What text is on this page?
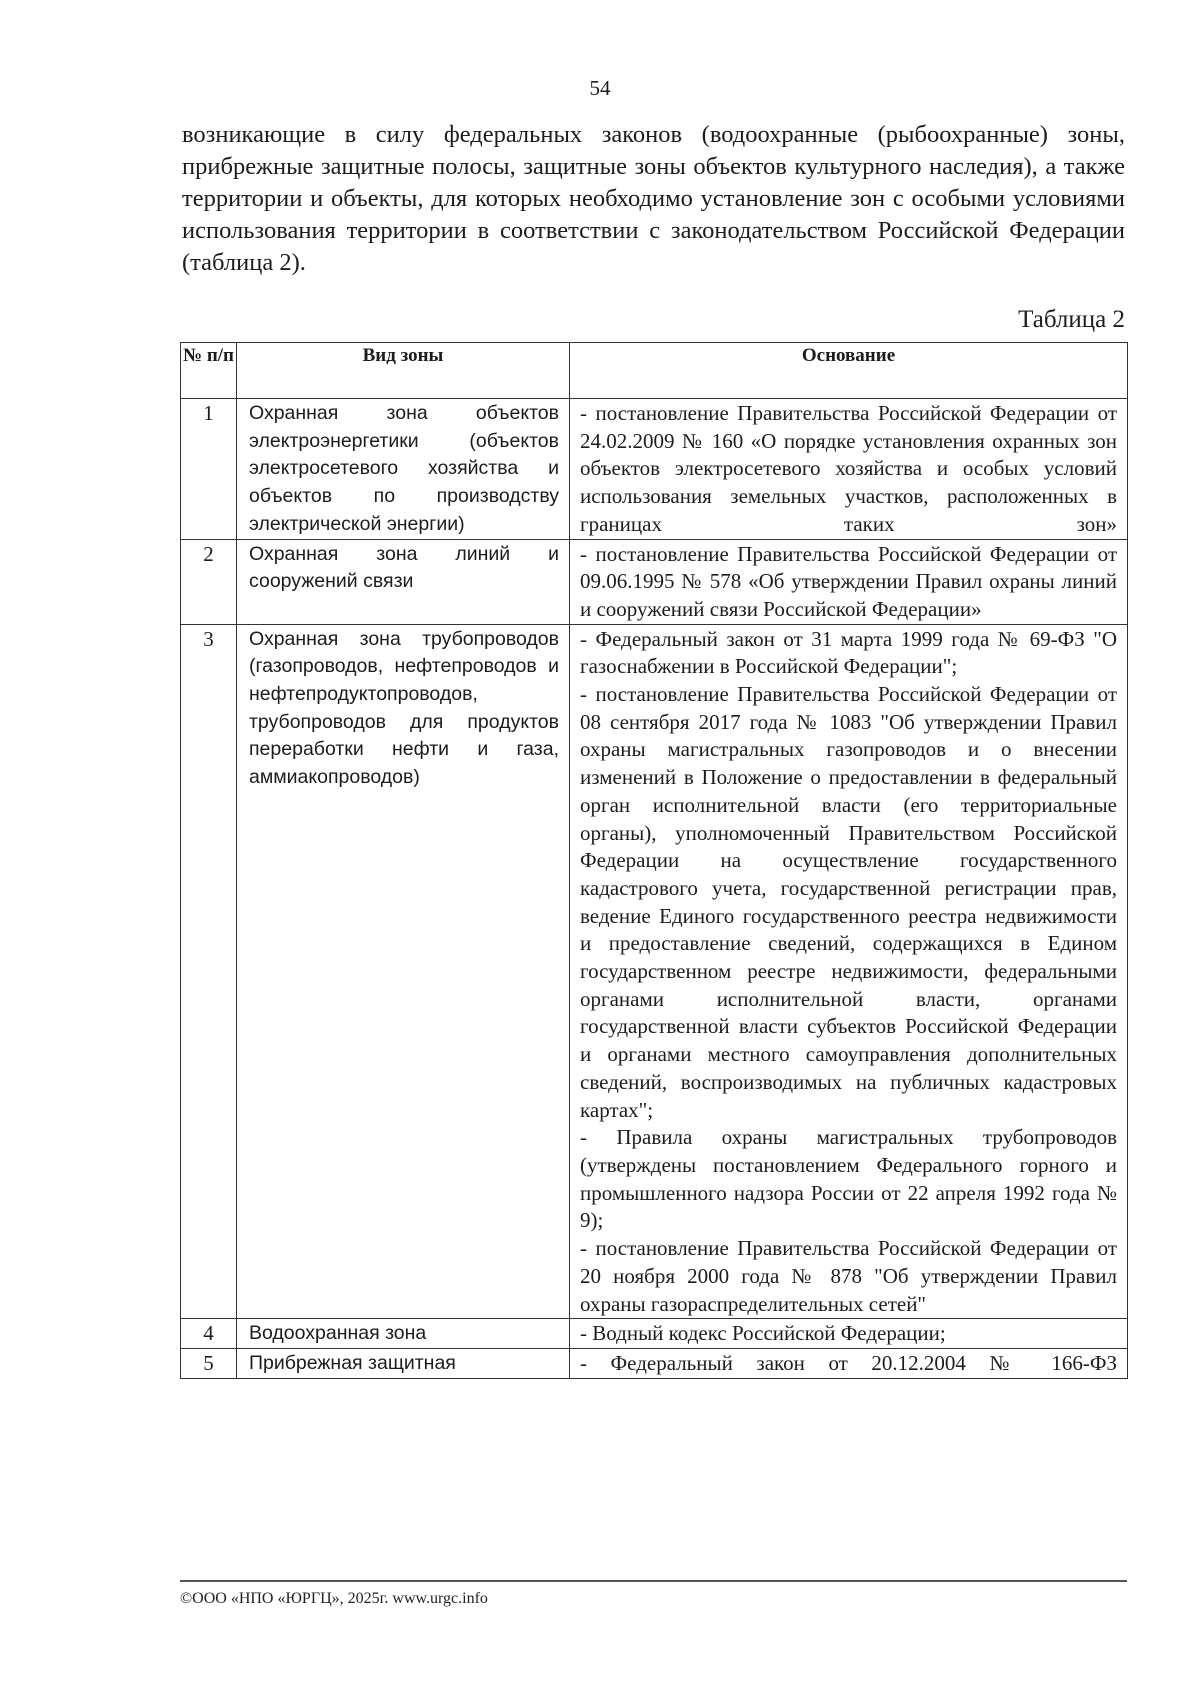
54

возникающие в силу федеральных законов (водоохранные (рыбоохранные) зоны, прибрежные защитные полосы, защитные зоны объектов культурного наследия), а также территории и объекты, для которых необходимо установление зон с особыми условиями использования территории в соответствии с законодательством Российской Федерации (таблица 2).

Таблица 2
№ п/п	Вид зоны	Основание
1	Охранная зона объектов электроэнергетики (объектов электросетевого хозяйства и объектов по производству электрической энергии)	- постановление Правительства Российской Федерации от 24.02.2009 № 160 «О порядке установления охранных зон объектов электросетевого хозяйства и особых условий использования земельных участков, расположенных в границах таких зон»

2	Охранная зона линий и сооружений связи	- постановление Правительства Российской Федерации от 09.06.1995 № 578 «Об утверждении Правил охраны линий и сооружений связи Российской Федерации»

3	Охранная зона трубопроводов (газопроводов, нефтепроводов и нефтепродуктопроводов, трубопроводов для продуктов переработки нефти и газа, аммиакопроводов)	- Федеральный закон от 31 марта 1999 года № 69-ФЗ "О газоснабжении в Российской Федерации";

- постановление Правительства Российской Федерации от 08 сентября 2017 года № 1083 "Об утверждении Правил охраны магистральных газопроводов и о внесении изменений в Положение о предоставлении в федеральный орган исполнительной власти (его территориальные органы), уполномоченный Правительством Российской Федерации на осуществление государственного кадастрового учета, государственной регистрации прав, ведение Единого государственного реестра недвижимости и предоставление сведений, содержащихся в Едином государственном реестре недвижимости, федеральными органами исполнительной власти, органами государственной власти субъектов Российской Федерации и органами местного самоуправления дополнительных сведений, воспроизводимых на публичных кадастровых картах";

- Правила охраны магистральных трубопроводов (утверждены постановлением Федерального горного и промышленного надзора России от 22 апреля 1992 года № 9);

- постановление Правительства Российской Федерации от 20 ноября 2000 года № 878 "Об утверждении Правил охраны газораспределительных сетей"

4	Водоохранная зона	- Водный кодекс Российской Федерации;

5	Прибрежная защитная	- Федеральный закон от 20.12.2004 № 166-ФЗ

©ООО «НПО «ЮРГЦ», 2025г. www.urgc.info
